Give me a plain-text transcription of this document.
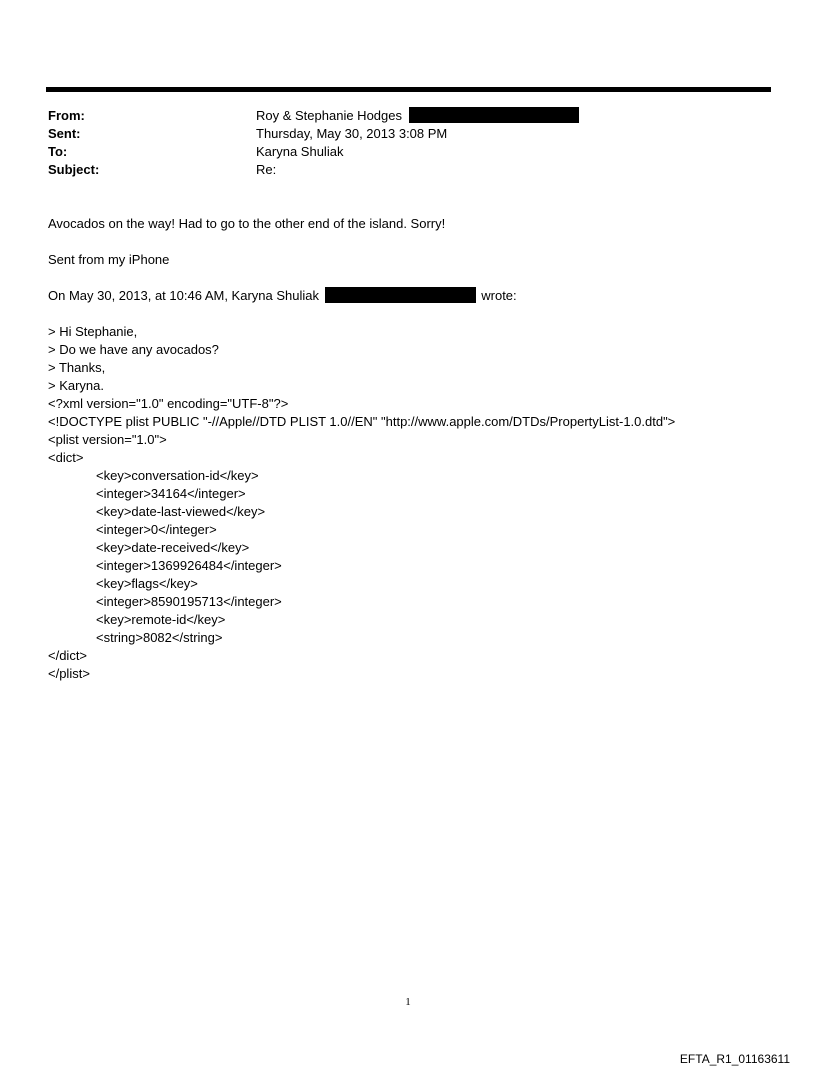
From:	Roy & Stephanie Hodges
Sent:	Thursday, May 30, 2013 3:08 PM
To:	Karyna Shuliak
Subject:	Re:
Avocados on the way! Had to go to the other end of the island. Sorry!
Sent from my iPhone
On May 30, 2013, at 10:46 AM, Karyna Shuliak	wrote:
> Hi Stephanie,
> Do we have any avocados?
> Thanks,
> Karyna.
<?xml version="1.0" encoding="UTF-8"?>
<!DOCTYPE plist PUBLIC "-//Apple//DTD PLIST 1.0//EN" "http://www.apple.com/DTDs/PropertyList-1.0.dtd">
<plist version="1.0">
<dict>
<key>conversation-id</key>
<integer>34164</integer>
<key>date-last-viewed</key>
<integer>0</integer>
<key>date-received</key>
<integer>1369926484</integer>
<key>flags</key>
<integer>8590195713</integer>
<key>remote-id</key>
<string>8082</string>
</dict>
</plist>
1
EFTA_R1_01163611
